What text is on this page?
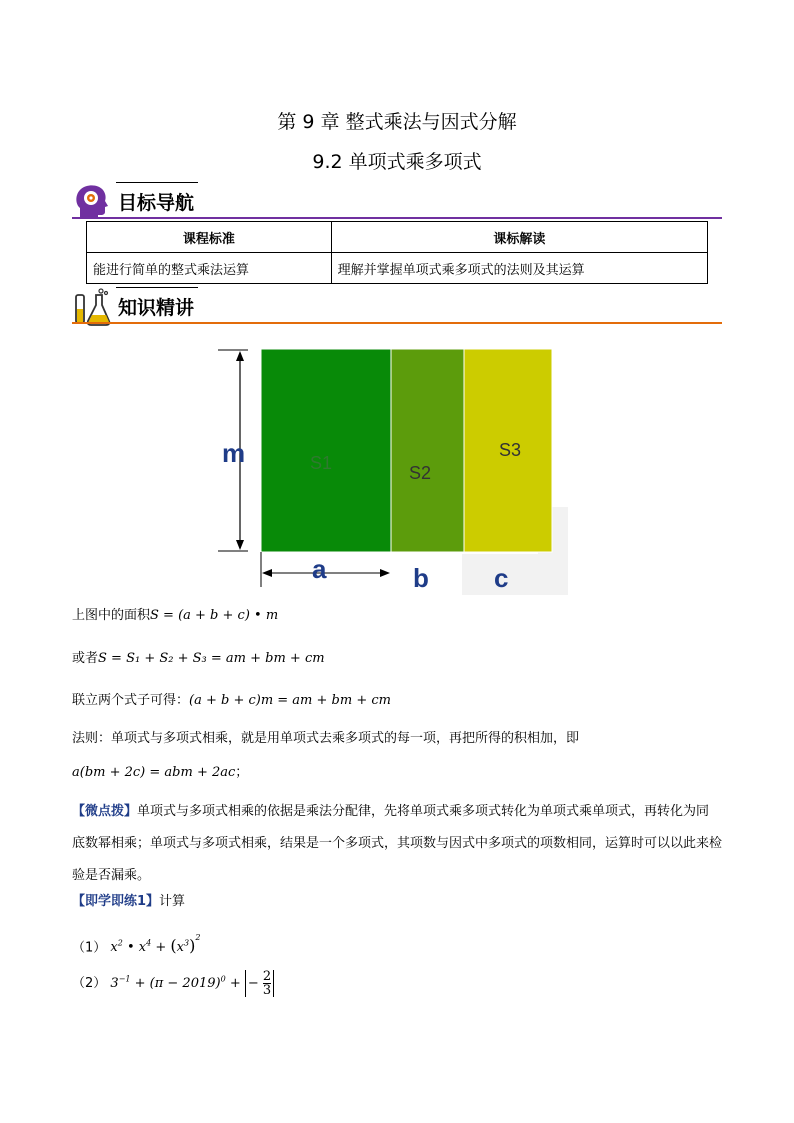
第 9 章 整式乘法与因式分解
9.2 单项式乘多项式
目标导航
课程标准	课标解读
能进行简单的整式乘法运算	理解并掌握单项式乘多项式的法则及其运算
知识精讲
m
a	b	c
S1	S2
S3
上图中的面积S = (a + b + c) • m
或者S = S₁ + S₂ + S₃ = am + bm + cm
联立两个式子可得：(a + b + c)m = am + bm + cm
法则：单项式与多项式相乘，就是用单项式去乘多项式的每一项，再把所得的积相加，即
a(bm + 2c) = abm + 2ac；
【微点拨】单项式与多项式相乘的依据是乘法分配律，先将单项式乘多项式转化为单项式乘单项式，再转化为同底数幂相乘；单项式与多项式相乘，结果是一个多项式，其项数与因式中多项式的项数相同，运算时可以以此来检验是否漏乘。
【即学即练1】计算
（1） $x^2$ • $x^4 + (x^3)^2$
（2） $3^{-1} + (\pi - 2019)^0$ + − $\frac{2}{3}$
